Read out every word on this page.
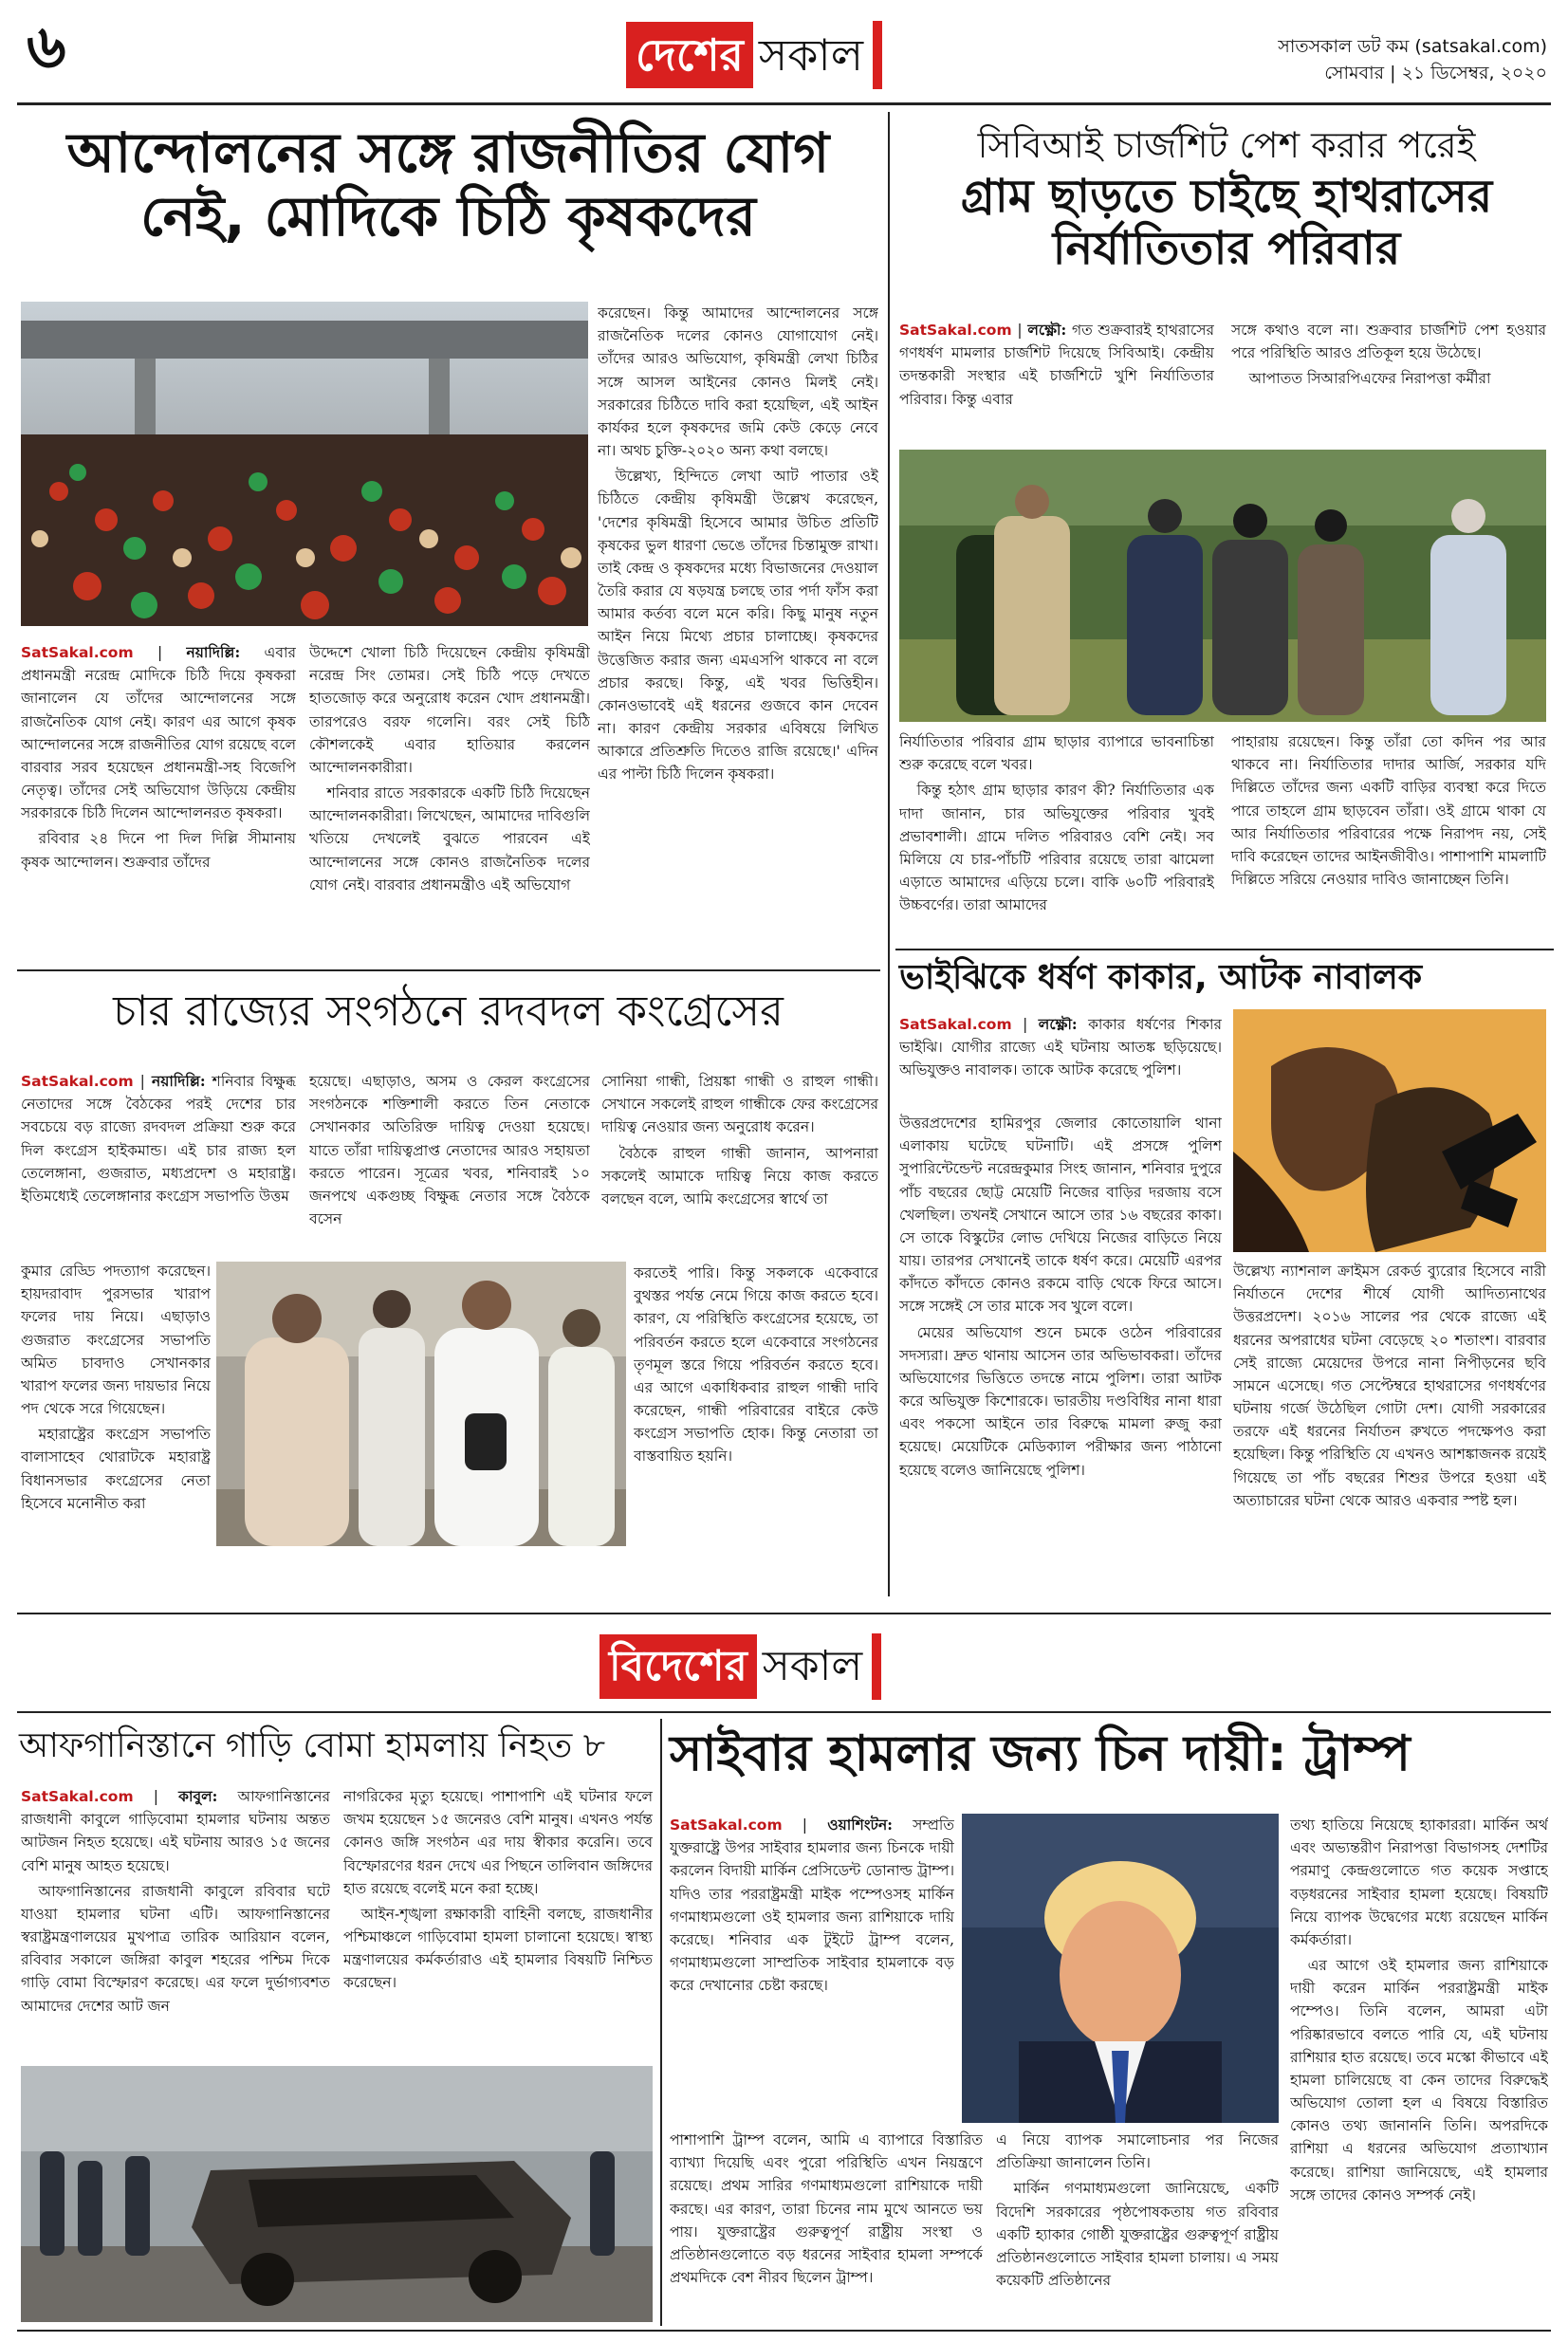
৬	দেশের সকাল	সাতসকাল ডট কম (satsakal.com)
সোমবার | ২১ ডিসেম্বর, ২০২০
আন্দোলনের সঙ্গে রাজনীতির যোগ
নেই, মোদিকে চিঠি কৃষকদের

করেছেন। কিন্তু আমাদের আন্দোলনের সঙ্গে রাজনৈতিক দলের কোনও যোগাযোগ নেই। তাঁদের আরও অভিযোগ, কৃষিমন্ত্রী লেখা চিঠির সঙ্গে আসল আইনের কোনও মিলই নেই। সরকারের চিঠিতে দাবি করা হয়েছিল, এই আইন কার্যকর হলে কৃষকদের জমি কেউ কেড়ে নেবে না। অথচ চুক্তি-২০২০ অন্য কথা বলছে।

উল্লেখ্য, হিন্দিতে লেখা আট পাতার ওই চিঠিতে কেন্দ্রীয় কৃষিমন্ত্রী উল্লেখ করেছেন, 'দেশের কৃষিমন্ত্রী হিসেবে আমার উচিত প্রতিটি কৃষকের ভুল ধারণা ভেঙে তাঁদের চিন্তামুক্ত রাখা। তাই কেন্দ্র ও কৃষকদের মধ্যে বিভাজনের দেওয়াল তৈরি করার যে ষড়যন্ত্র চলছে তার পর্দা ফাঁস করা আমার কর্তব্য বলে মনে করি। কিছু মানুষ নতুন আইন নিয়ে মিথ্যে প্রচার চালাচ্ছে। কৃষকদের উত্তেজিত করার জন্য এমএসপি থাকবে না বলে প্রচার করছে। কিন্তু, এই খবর ভিত্তিহীন। কোনওভাবেই এই ধরনের গুজবে কান দেবেন না। কারণ কেন্দ্রীয় সরকার এবিষয়ে লিখিত আকারে প্রতিশ্রুতি দিতেও রাজি রয়েছে।' এদিন এর পাল্টা চিঠি দিলেন কৃষকরা।

SatSakal.com | নয়াদিল্লি: এবার প্রধানমন্ত্রী নরেন্দ্র মোদিকে চিঠি দিয়ে কৃষকরা জানালেন যে তাঁদের আন্দোলনের সঙ্গে রাজনৈতিক যোগ নেই। কারণ এর আগে কৃষক আন্দোলনের সঙ্গে রাজনীতির যোগ রয়েছে বলে বারবার সরব হয়েছেন প্রধানমন্ত্রী-সহ বিজেপি নেতৃত্ব। তাঁদের সেই অভিযোগ উড়িয়ে কেন্দ্রীয় সরকারকে চিঠি দিলেন আন্দোলনরত কৃষকরা।

রবিবার ২৪ দিনে পা দিল দিল্লি সীমানায় কৃষক আন্দোলন। শুক্রবার তাঁদের

উদ্দেশে খোলা চিঠি দিয়েছেন কেন্দ্রীয় কৃষিমন্ত্রী নরেন্দ্র সিং তোমর। সেই চিঠি পড়ে দেখতে হাতজোড় করে অনুরোধ করেন খোদ প্রধানমন্ত্রী। তারপরেও বরফ গলেনি। বরং সেই চিঠি কৌশলকেই এবার হাতিয়ার করলেন আন্দোলনকারীরা।

শনিবার রাতে সরকারকে একটি চিঠি দিয়েছেন আন্দোলনকারীরা। লিখেছেন, আমাদের দাবিগুলি খতিয়ে দেখলেই বুঝতে পারবেন এই আন্দোলনের সঙ্গে কোনও রাজনৈতিক দলের যোগ নেই। বারবার প্রধানমন্ত্রীও এই অভিযোগ

সিবিআই চার্জশিট পেশ করার পরেই
গ্রাম ছাড়তে চাইছে হাথরাসের
নির্যাতিতার পরিবার

SatSakal.com | লক্ষ্ণৌ: গত শুক্রবারই হাথরাসের গণধর্ষণ মামলার চার্জশিট দিয়েছে সিবিআই। কেন্দ্রীয় তদন্তকারী সংস্থার এই চার্জশিটে খুশি নির্যাতিতার পরিবার। কিন্তু এবার

সঙ্গে কথাও বলে না। শুক্রবার চার্জশিট পেশ হওয়ার পরে পরিস্থিতি আরও প্রতিকূল হয়ে উঠেছে।

আপাতত সিআরপিএফের নিরাপত্তা কর্মীরা

নির্যাতিতার পরিবার গ্রাম ছাড়ার ব্যাপারে ভাবনাচিন্তা শুরু করেছে বলে খবর।

কিন্তু হঠাৎ গ্রাম ছাড়ার কারণ কী? নির্যাতিতার এক দাদা জানান, চার অভিযুক্তের পরিবার খুবই প্রভাবশালী। গ্রামে দলিত পরিবারও বেশি নেই। সব মিলিয়ে যে চার-পাঁচটি পরিবার রয়েছে তারা ঝামেলা এড়াতে আমাদের এড়িয়ে চলে। বাকি ৬০টি পরিবারই উচ্চবর্ণের। তারা আমাদের

পাহারায় রয়েছেন। কিন্তু তাঁরা তো কদিন পর আর থাকবে না। নির্যাতিতার দাদার আর্জি, সরকার যদি দিল্লিতে তাঁদের জন্য একটি বাড়ির ব্যবস্থা করে দিতে পারে তাহলে গ্রাম ছাড়বেন তাঁরা। ওই গ্রামে থাকা যে আর নির্যাতিতার পরিবারের পক্ষে নিরাপদ নয়, সেই দাবি করেছেন তাদের আইনজীবীও। পাশাপাশি মামলাটি দিল্লিতে সরিয়ে নেওয়ার দাবিও জানাচ্ছেন তিনি।

চার রাজ্যের সংগঠনে রদবদল কংগ্রেসের

SatSakal.com | নয়াদিল্লি: শনিবার বিক্ষুব্ধ নেতাদের সঙ্গে বৈঠকের পরই দেশের চার সবচেয়ে বড় রাজ্যে রদবদল প্রক্রিয়া শুরু করে দিল কংগ্রেস হাইকমান্ড। এই চার রাজ্য হল তেলেঙ্গানা, গুজরাত, মধ্যপ্রদেশ ও মহারাষ্ট্র। ইতিমধ্যেই তেলেঙ্গানার কংগ্রেস সভাপতি উত্তম

হয়েছে। এছাড়াও, অসম ও কেরল কংগ্রেসের সংগঠনকে শক্তিশালী করতে তিন নেতাকে সেখানকার অতিরিক্ত দায়িত্ব দেওয়া হয়েছে। যাতে তাঁরা দায়িত্বপ্রাপ্ত নেতাদের আরও সহায়তা করতে পারেন। সূত্রের খবর, শনিবারই ১০ জনপথে একগুচ্ছ বিক্ষুব্ধ নেতার সঙ্গে বৈঠকে বসেন

সোনিয়া গান্ধী, প্রিয়ঙ্কা গান্ধী ও রাহুল গান্ধী। সেখানে সকলেই রাহুল গান্ধীকে ফের কংগ্রেসের দায়িত্ব নেওয়ার জন্য অনুরোধ করেন।

বৈঠকে রাহুল গান্ধী জানান, আপনারা সকলেই আমাকে দায়িত্ব নিয়ে কাজ করতে বলছেন বলে, আমি কংগ্রেসের স্বার্থে তা

কুমার রেড্ডি পদত্যাগ করেছেন। হায়দরাবাদ পুরসভার খারাপ ফলের দায় নিয়ে। এছাড়াও গুজরাত কংগ্রেসের সভাপতি অমিত চাবদাও সেখানকার খারাপ ফলের জন্য দায়ভার নিয়ে পদ থেকে সরে গিয়েছেন।

মহারাষ্ট্রের কংগ্রেস সভাপতি বালাসাহেব থোরাটকে মহারাষ্ট্র বিধানসভার কংগ্রেসের নেতা হিসেবে মনোনীত করা

করতেই পারি। কিন্তু সকলকে একেবারে বুথস্তর পর্যন্ত নেমে গিয়ে কাজ করতে হবে। কারণ, যে পরিস্থিতি কংগ্রেসের হয়েছে, তা পরিবর্তন করতে হলে একেবারে সংগঠনের তৃণমূল স্তরে গিয়ে পরিবর্তন করতে হবে। এর আগে একাধিকবার রাহুল গান্ধী দাবি করেছেন, গান্ধী পরিবারের বাইরে কেউ কংগ্রেস সভাপতি হোক। কিন্তু নেতারা তা বাস্তবায়িত হয়নি।

ভাইঝিকে ধর্ষণ কাকার, আটক নাবালক

SatSakal.com | লক্ষ্ণৌ: কাকার ধর্ষণের শিকার ভাইঝি। যোগীর রাজ্যে এই ঘটনায় আতঙ্ক ছড়িয়েছে। অভিযুক্তও নাবালক। তাকে আটক করেছে পুলিশ।

উত্তরপ্রদেশের হামিরপুর জেলার কোতোয়ালি থানা এলাকায় ঘটেছে ঘটনাটি। এই প্রসঙ্গে পুলিশ সুপারিন্টেন্ডেন্ট নরেন্দ্রকুমার সিংহ জানান, শনিবার দুপুরে পাঁচ বছরের ছোট্ট মেয়েটি নিজের বাড়ির দরজায় বসে খেলছিল। তখনই সেখানে আসে তার ১৬ বছরের কাকা। সে তাকে বিস্কুটের লোভ দেখিয়ে নিজের বাড়িতে নিয়ে যায়। তারপর সেখানেই তাকে ধর্ষণ করে। মেয়েটি এরপর কাঁদতে কাঁদতে কোনও রকমে বাড়ি থেকে ফিরে আসে। সঙ্গে সঙ্গেই সে তার মাকে সব খুলে বলে।

মেয়ের অভিযোগ শুনে চমকে ওঠেন পরিবারের সদস্যরা। দ্রুত থানায় আসেন তার অভিভাবকরা। তাঁদের অভিযোগের ভিত্তিতে তদন্তে নামে পুলিশ। তারা আটক করে অভিযুক্ত কিশোরকে। ভারতীয় দণ্ডবিধির নানা ধারা এবং পকসো আইনে তার বিরুদ্ধে মামলা রুজু করা হয়েছে। মেয়েটিকে মেডিক্যাল পরীক্ষার জন্য পাঠানো হয়েছে বলেও জানিয়েছে পুলিশ।

উল্লেখ্য ন্যাশনাল ক্রাইমস রেকর্ড ব্যুরোর হিসেবে নারী নির্যাতনে দেশের শীর্ষে যোগী আদিত্যনাথের উত্তরপ্রদেশ। ২০১৬ সালের পর থেকে রাজ্যে এই ধরনের অপরাধের ঘটনা বেড়েছে ২০ শতাংশ। বারবার সেই রাজ্যে মেয়েদের উপরে নানা নিপীড়নের ছবি সামনে এসেছে। গত সেপ্টেম্বরে হাথরাসের গণধর্ষণের ঘটনায় গর্জে উঠেছিল গোটা দেশ। যোগী সরকারের তরফে এই ধরনের নির্যাতন রুখতে পদক্ষেপও করা হয়েছিল। কিন্তু পরিস্থিতি যে এখনও আশঙ্কাজনক রয়েই গিয়েছে তা পাঁচ বছরের শিশুর উপরে হওয়া এই অত্যাচারের ঘটনা থেকে আরও একবার স্পষ্ট হল।

বিদেশের সকাল
আফগানিস্তানে গাড়ি বোমা হামলায় নিহত ৮

SatSakal.com | কাবুল: আফগানিস্তানের রাজধানী কাবুলে গাড়িবোমা হামলার ঘটনায় অন্তত আটজন নিহত হয়েছে। এই ঘটনায় আরও ১৫ জনের বেশি মানুষ আহত হয়েছে।

আফগানিস্তানের রাজধানী কাবুলে রবিবার ঘটে যাওয়া হামলার ঘটনা এটি। আফগানিস্তানের স্বরাষ্ট্রমন্ত্রণালয়ের মুখপাত্র তারিক আরিয়ান বলেন, রবিবার সকালে জঙ্গিরা কাবুল শহরের পশ্চিম দিকে গাড়ি বোমা বিস্ফোরণ করেছে। এর ফলে দুর্ভাগ্যবশত আমাদের দেশের আট জন

নাগরিকের মৃত্যু হয়েছে। পাশাপাশি এই ঘটনার ফলে জখম হয়েছেন ১৫ জনেরও বেশি মানুষ। এখনও পর্যন্ত কোনও জঙ্গি সংগঠন এর দায় স্বীকার করেনি। তবে বিস্ফোরণের ধরন দেখে এর পিছনে তালিবান জঙ্গিদের হাত রয়েছে বলেই মনে করা হচ্ছে।

আইন-শৃঙ্খলা রক্ষাকারী বাহিনী বলছে, রাজধানীর পশ্চিমাঞ্চলে গাড়িবোমা হামলা চালানো হয়েছে। স্বাস্থ্য মন্ত্রণালয়ের কর্মকর্তারাও এই হামলার বিষয়টি নিশ্চিত করেছেন।

সাইবার হামলার জন্য চিন দায়ী: ট্রাম্প

SatSakal.com | ওয়াশিংটন: সম্প্রতি যুক্তরাষ্ট্রে উপর সাইবার হামলার জন্য চিনকে দায়ী করলেন বিদায়ী মার্কিন প্রেসিডেন্ট ডোনাল্ড ট্রাম্প। যদিও তার পররাষ্ট্রমন্ত্রী মাইক পম্পেওসহ মার্কিন গণমাধ্যমগুলো ওই হামলার জন্য রাশিয়াকে দায়ি করেছে। শনিবার এক টুইটে ট্রাম্প বলেন, গণমাধ্যমগুলো সাম্প্রতিক সাইবার হামলাকে বড় করে দেখানোর চেষ্টা করছে।

পাশাপাশি ট্রাম্প বলেন, আমি এ ব্যাপারে বিস্তারিত ব্যাখ্যা দিয়েছি এবং পুরো পরিস্থিতি এখন নিয়ন্ত্রণে রয়েছে। প্রথম সারির গণমাধ্যমগুলো রাশিয়াকে দায়ী করছে। এর কারণ, তারা চিনের নাম মুখে আনতে ভয় পায়। যুক্তরাষ্ট্রের গুরুত্বপূর্ণ রাষ্ট্রীয় সংস্থা ও প্রতিষ্ঠানগুলোতে বড় ধরনের সাইবার হামলা সম্পর্কে প্রথমদিকে বেশ নীরব ছিলেন ট্রাম্প।

এ নিয়ে ব্যাপক সমালোচনার পর নিজের প্রতিক্রিয়া জানালেন তিনি।

মার্কিন গণমাধ্যমগুলো জানিয়েছে, একটি বিদেশি সরকারের পৃষ্ঠপোষকতায় গত রবিবার একটি হ্যাকার গোষ্ঠী যুক্তরাষ্ট্রের গুরুত্বপূর্ণ রাষ্ট্রীয় প্রতিষ্ঠানগুলোতে সাইবার হামলা চালায়। এ সময় কয়েকটি প্রতিষ্ঠানের

তথ্য হাতিয়ে নিয়েছে হ্যাকাররা। মার্কিন অর্থ এবং অভ্যন্তরীণ নিরাপত্তা বিভাগসহ দেশটির পরমাণু কেন্দ্রগুলোতে গত কয়েক সপ্তাহে বড়ধরনের সাইবার হামলা হয়েছে। বিষয়টি নিয়ে ব্যাপক উদ্বেগের মধ্যে রয়েছেন মার্কিন কর্মকর্তারা।

এর আগে ওই হামলার জন্য রাশিয়াকে দায়ী করেন মার্কিন পররাষ্ট্রমন্ত্রী মাইক পম্পেও। তিনি বলেন, আমরা এটা পরিষ্কারভাবে বলতে পারি যে, এই ঘটনায় রাশিয়ার হাত রয়েছে। তবে মস্কো কীভাবে এই হামলা চালিয়েছে বা কেন তাদের বিরুদ্ধেই অভিযোগ তোলা হল এ বিষয়ে বিস্তারিত কোনও তথ্য জানাননি তিনি। অপরদিকে রাশিয়া এ ধরনের অভিযোগ প্রত্যাখ্যান করেছে। রাশিয়া জানিয়েছে, এই হামলার সঙ্গে তাদের কোনও সম্পর্ক নেই।
